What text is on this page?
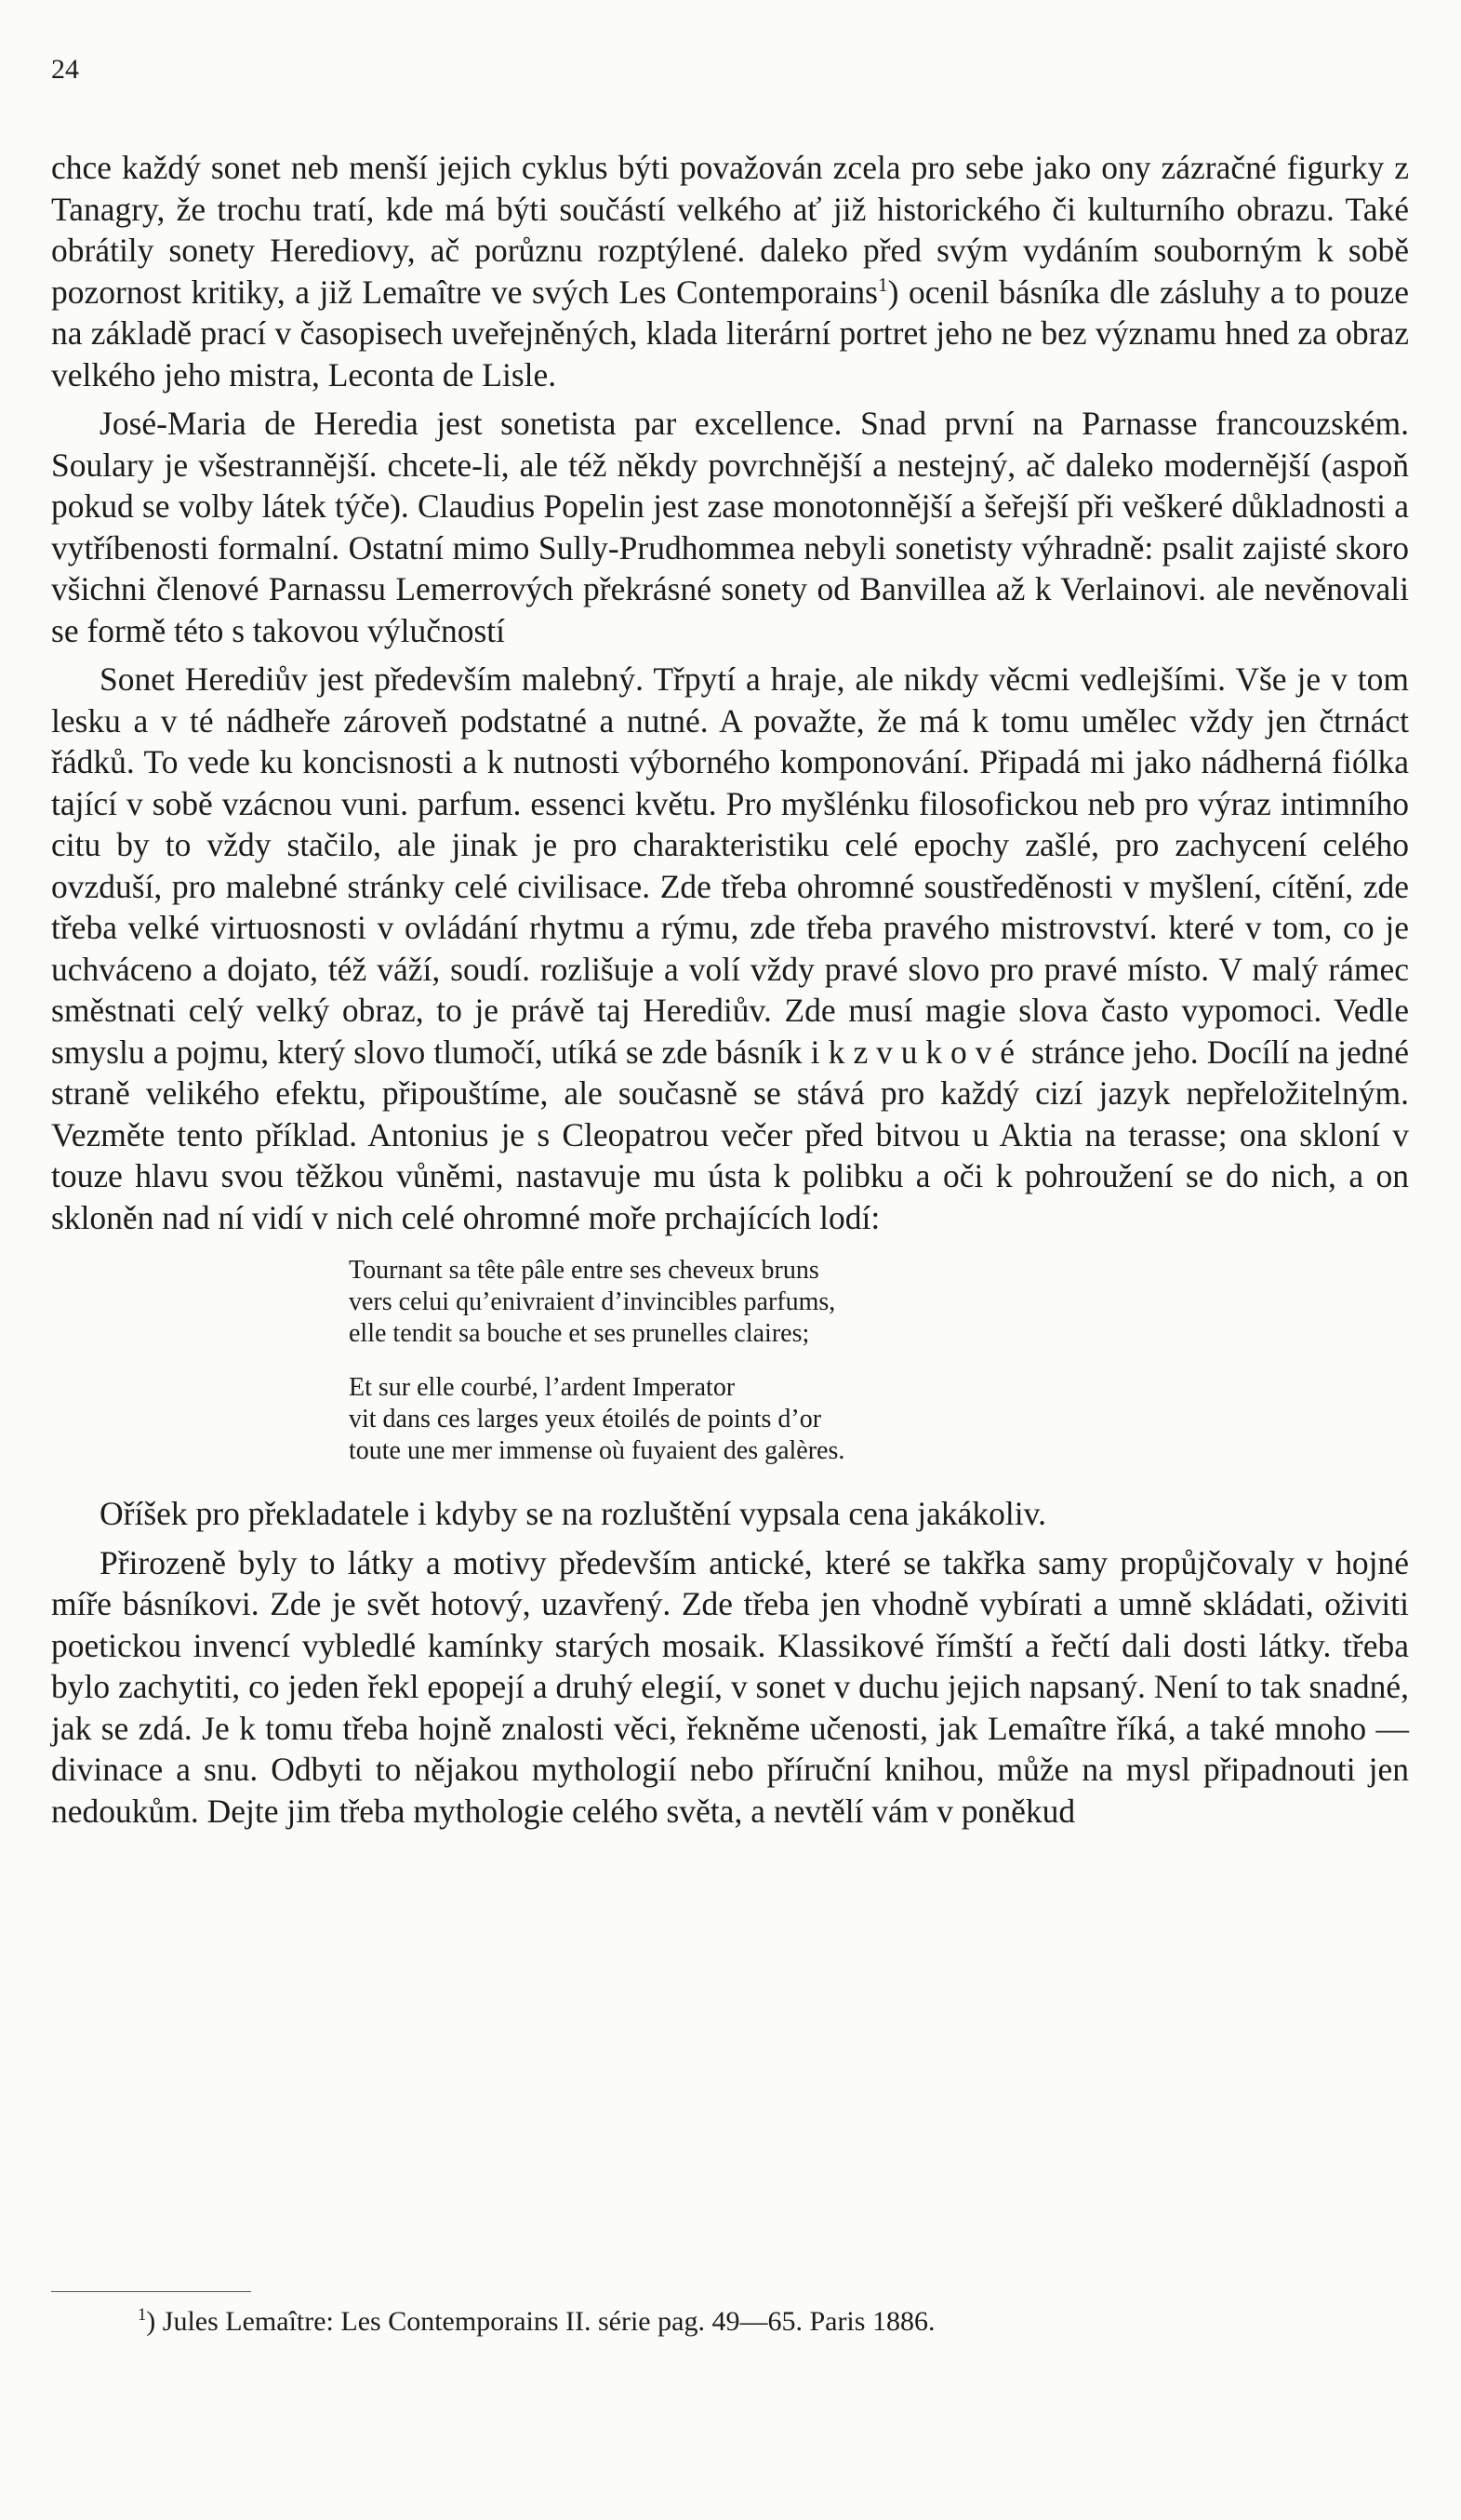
24

chce každý sonet neb menší jejich cyklus býti považován zcela pro sebe jako ony zázračné figurky z Tanagry, že trochu tratí, kde má býti součástí velkého ať již historického či kulturního obrazu. Také obrátily sonety Herediovy, ač porůznu rozptýlené. daleko před svým vydáním souborným k sobě pozornost kritiky, a již Lemaître ve svých Les Contemporains$^1$) ocenil básníka dle zásluhy a to pouze na základě prací v časopisech uveřejněných, klada literární portret jeho ne bez významu hned za obraz velkého jeho mistra, Leconta de Lisle.

José-Maria de Heredia jest sonetista par excellence. Snad první na Parnasse francouzském. Soulary je všestrannější. chcete-li, ale též někdy povrchnější a nestejný, ač daleko modernější (aspoň pokud se volby látek týče). Claudius Popelin jest zase monotonnější a šeřejší při veškeré důkladnosti a vytříbenosti formalní. Ostatní mimo Sully-Prudhommea nebyli sonetisty výhradně: psalit zajisté skoro všichni členové Parnassu Lemerrových překrásné sonety od Banvillea až k Verlainovi. ale nevěnovali se formě této s takovou výlučností

Sonet Herediův jest především malebný. Třpytí a hraje, ale nikdy věcmi vedlejšími. Vše je v tom lesku a v té nádheře zároveň podstatné a nutné. A považte, že má k tomu umělec vždy jen čtrnáct řádků. To vede ku koncisnosti a k nutnosti výborného komponování. Připadá mi jako nádherná fiólka tající v sobě vzácnou vuni. parfum. essenci květu. Pro myšlénku filosofickou neb pro výraz intimního citu by to vždy stačilo, ale jinak je pro charakteristiku celé epochy zašlé, pro zachycení celého ovzduší, pro malebné stránky celé civilisace. Zde třeba ohromné soustředěnosti v myšlení, cítění, zde třeba velké virtuosnosti v ovládání rhytmu a rýmu, zde třeba pravého mistrovství. které v tom, co je uchváceno a dojato, též váží, soudí. rozlišuje a volí vždy pravé slovo pro pravé místo. V malý rámec směstnati celý velký obraz, to je právě taj Herediův. Zde musí magie slova často vypomoci. Vedle smyslu a pojmu, který slovo tlumočí, utíká se zde básník i k zvukové stránce jeho. Docílí na jedné straně velikého efektu, připouštíme, ale současně se stává pro každý cizí jazyk nepřeložitelným. Vezměte tento příklad. Antonius je s Cleopatrou večer před bitvou u Aktia na terasse; ona skloní v touze hlavu svou těžkou vůněmi, nastavuje mu ústa k polibku a oči k pohroužení se do nich, a on skloněn nad ní vidí v nich celé ohromné moře prchajících lodí:

Tournant sa tête pâle entre ses cheveux bruns
vers celui qu’enivraient d’invincibles parfums,
elle tendit sa bouche et ses prunelles claires;
Et sur elle courbé, l’ardent Imperator
vit dans ces larges yeux étoilés de points d’or
toute une mer immense où fuyaient des galères.

Oříšek pro překladatele i kdyby se na rozluštění vypsala cena jakákoliv.

Přirozeně byly to látky a motivy především antické, které se takřka samy propůjčovaly v hojné míře básníkovi. Zde je svět hotový, uzavřený. Zde třeba jen vhodně vybírati a umně skládati, oživiti poetickou invencí vybledlé kamínky starých mosaik. Klassikové římští a řečtí dali dosti látky. třeba bylo zachytiti, co jeden řekl epopejí a druhý elegií, v sonet v duchu jejich napsaný. Není to tak snadné, jak se zdá. Je k tomu třeba hojně znalosti věci, řekněme učenosti, jak Lemaître říká, a také mnoho — divinace a snu. Odbyti to nějakou mythologií nebo příruční knihou, může na mysl připadnouti jen nedoukům. Dejte jim třeba mythologie celého světa, a nevtělí vám v poněkud

$^1$) Jules Lemaître: Les Contemporains II. série pag. 49—65. Paris 1886.
